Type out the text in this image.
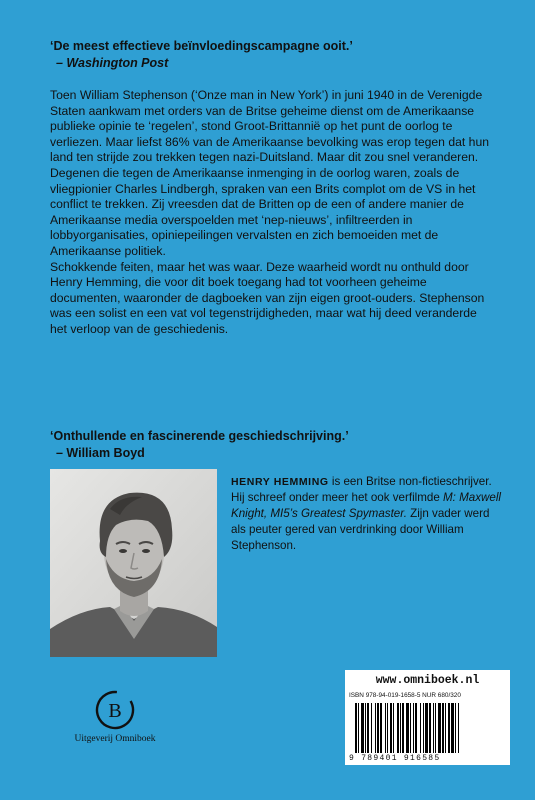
‘De meest effectieve beïnvloedingscampagne ooit.’
– Washington Post

Toen William Stephenson (‘Onze man in New York’) in juni 1940 in de Verenigde Staten aankwam met orders van de Britse geheime dienst om de Amerikaanse publieke opinie te ‘regelen’, stond Groot-Brittannië op het punt de oorlog te verliezen. Maar liefst 86% van de Amerikaanse bevolking was erop tegen dat hun land ten strijde zou trekken tegen nazi-Duitsland. Maar dit zou snel veranderen.

Degenen die tegen de Amerikaanse inmenging in de oorlog waren, zoals de vliegpionier Charles Lindbergh, spraken van een Brits complot om de VS in het conflict te trekken. Zij vreesden dat de Britten op de een of andere manier de Amerikaanse media overspoelden met ‘nep-nieuws’, infiltreerden in lobbyorganisaties, opiniepeilingen vervalsten en zich bemoeiden met de Amerikaanse politiek.

Schokkende feiten, maar het was waar. Deze waarheid wordt nu onthuld door Henry Hemming, die voor dit boek toegang had tot voorheen geheime documenten, waaronder de dagboeken van zijn eigen groot-ouders. Stephenson was een solist en een vat vol tegenstrijdigheden, maar wat hij deed veranderde het verloop van de geschiedenis.

‘Onthullende en fascinerende geschiedschrijving.’
– William Boyd
HENRY HEMMING is een Britse non-fictieschrijver. Hij schreef onder meer het ook verfilmde M: Maxwell Knight, MI5’s Greatest Spymaster. Zijn vader werd als peuter gered van verdrinking door William Stephenson.
B
Uitgeverij Omniboek
www.omniboek.nl
ISBN 978-94-019-1658-5 NUR 680/320
9 789401 916585
